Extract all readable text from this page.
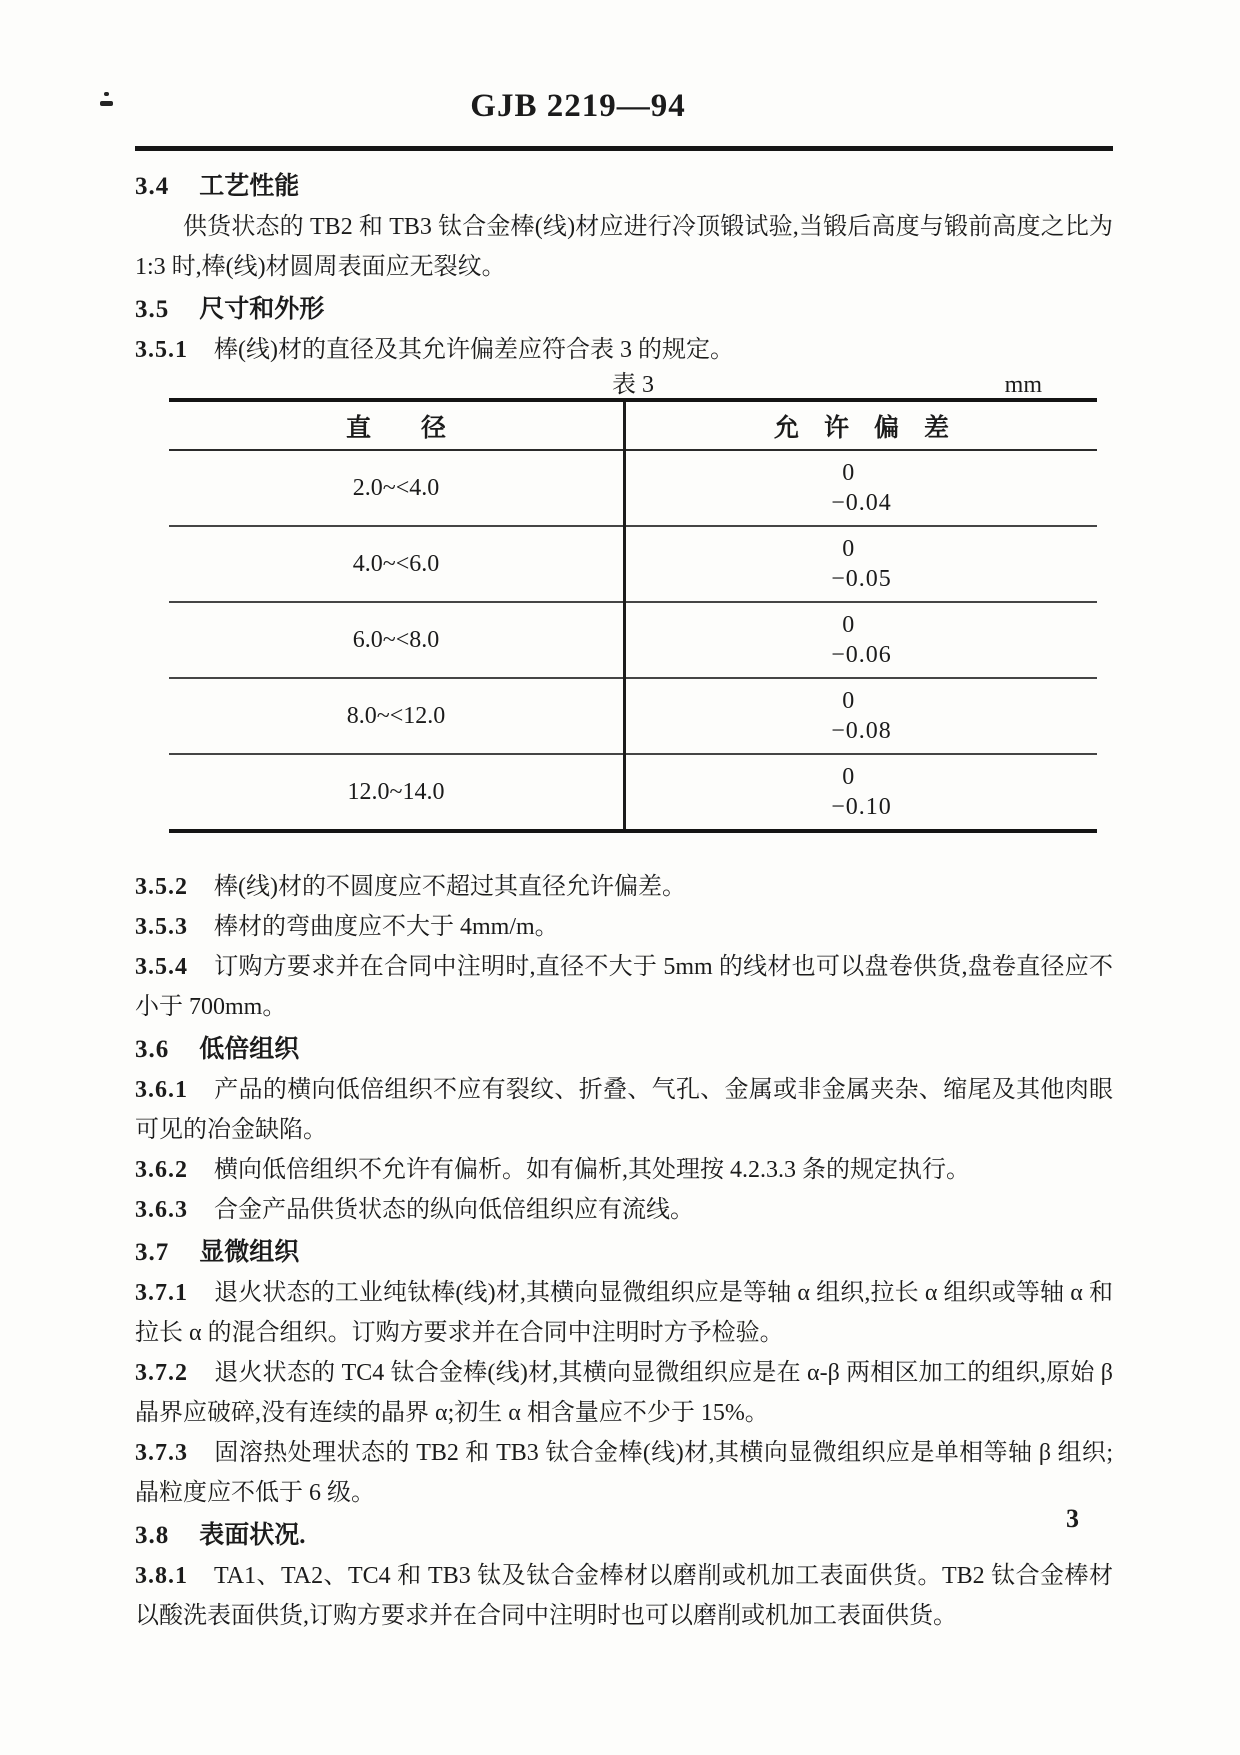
GJB 2219—94
3.4 工艺性能

供货状态的 TB2 和 TB3 钛合金棒(线)材应进行冷顶锻试验,当锻后高度与锻前高度之比为 1:3 时,棒(线)材圆周表面应无裂纹。

3.5 尺寸和外形

3.5.1 棒(线)材的直径及其允许偏差应符合表 3 的规定。

表 3	mm
直　　径	允　许　偏　差
2.0~<4.0	0
−0.04

4.0~<6.0	0
−0.05

6.0~<8.0	0
−0.06

8.0~<12.0	0
−0.08

12.0~14.0	0
−0.10

3.5.2 棒(线)材的不圆度应不超过其直径允许偏差。

3.5.3 棒材的弯曲度应不大于 4mm/m。

3.5.4 订购方要求并在合同中注明时,直径不大于 5mm 的线材也可以盘卷供货,盘卷直径应不小于 700mm。

3.6 低倍组织

3.6.1 产品的横向低倍组织不应有裂纹、折叠、气孔、金属或非金属夹杂、缩尾及其他肉眼可见的冶金缺陷。

3.6.2 横向低倍组织不允许有偏析。如有偏析,其处理按 4.2.3.3 条的规定执行。

3.6.3 合金产品供货状态的纵向低倍组织应有流线。

3.7 显微组织

3.7.1 退火状态的工业纯钛棒(线)材,其横向显微组织应是等轴 α 组织,拉长 α 组织或等轴 α 和拉长 α 的混合组织。订购方要求并在合同中注明时方予检验。

3.7.2 退火状态的 TC4 钛合金棒(线)材,其横向显微组织应是在 α-β 两相区加工的组织,原始 β 晶界应破碎,没有连续的晶界 α;初生 α 相含量应不少于 15%。

3.7.3 固溶热处理状态的 TB2 和 TB3 钛合金棒(线)材,其横向显微组织应是单相等轴 β 组织;晶粒度应不低于 6 级。

3.8 表面状况.

3.8.1 TA1、TA2、TC4 和 TB3 钛及钛合金棒材以磨削或机加工表面供货。TB2 钛合金棒材以酸洗表面供货,订购方要求并在合同中注明时也可以磨削或机加工表面供货。

3
